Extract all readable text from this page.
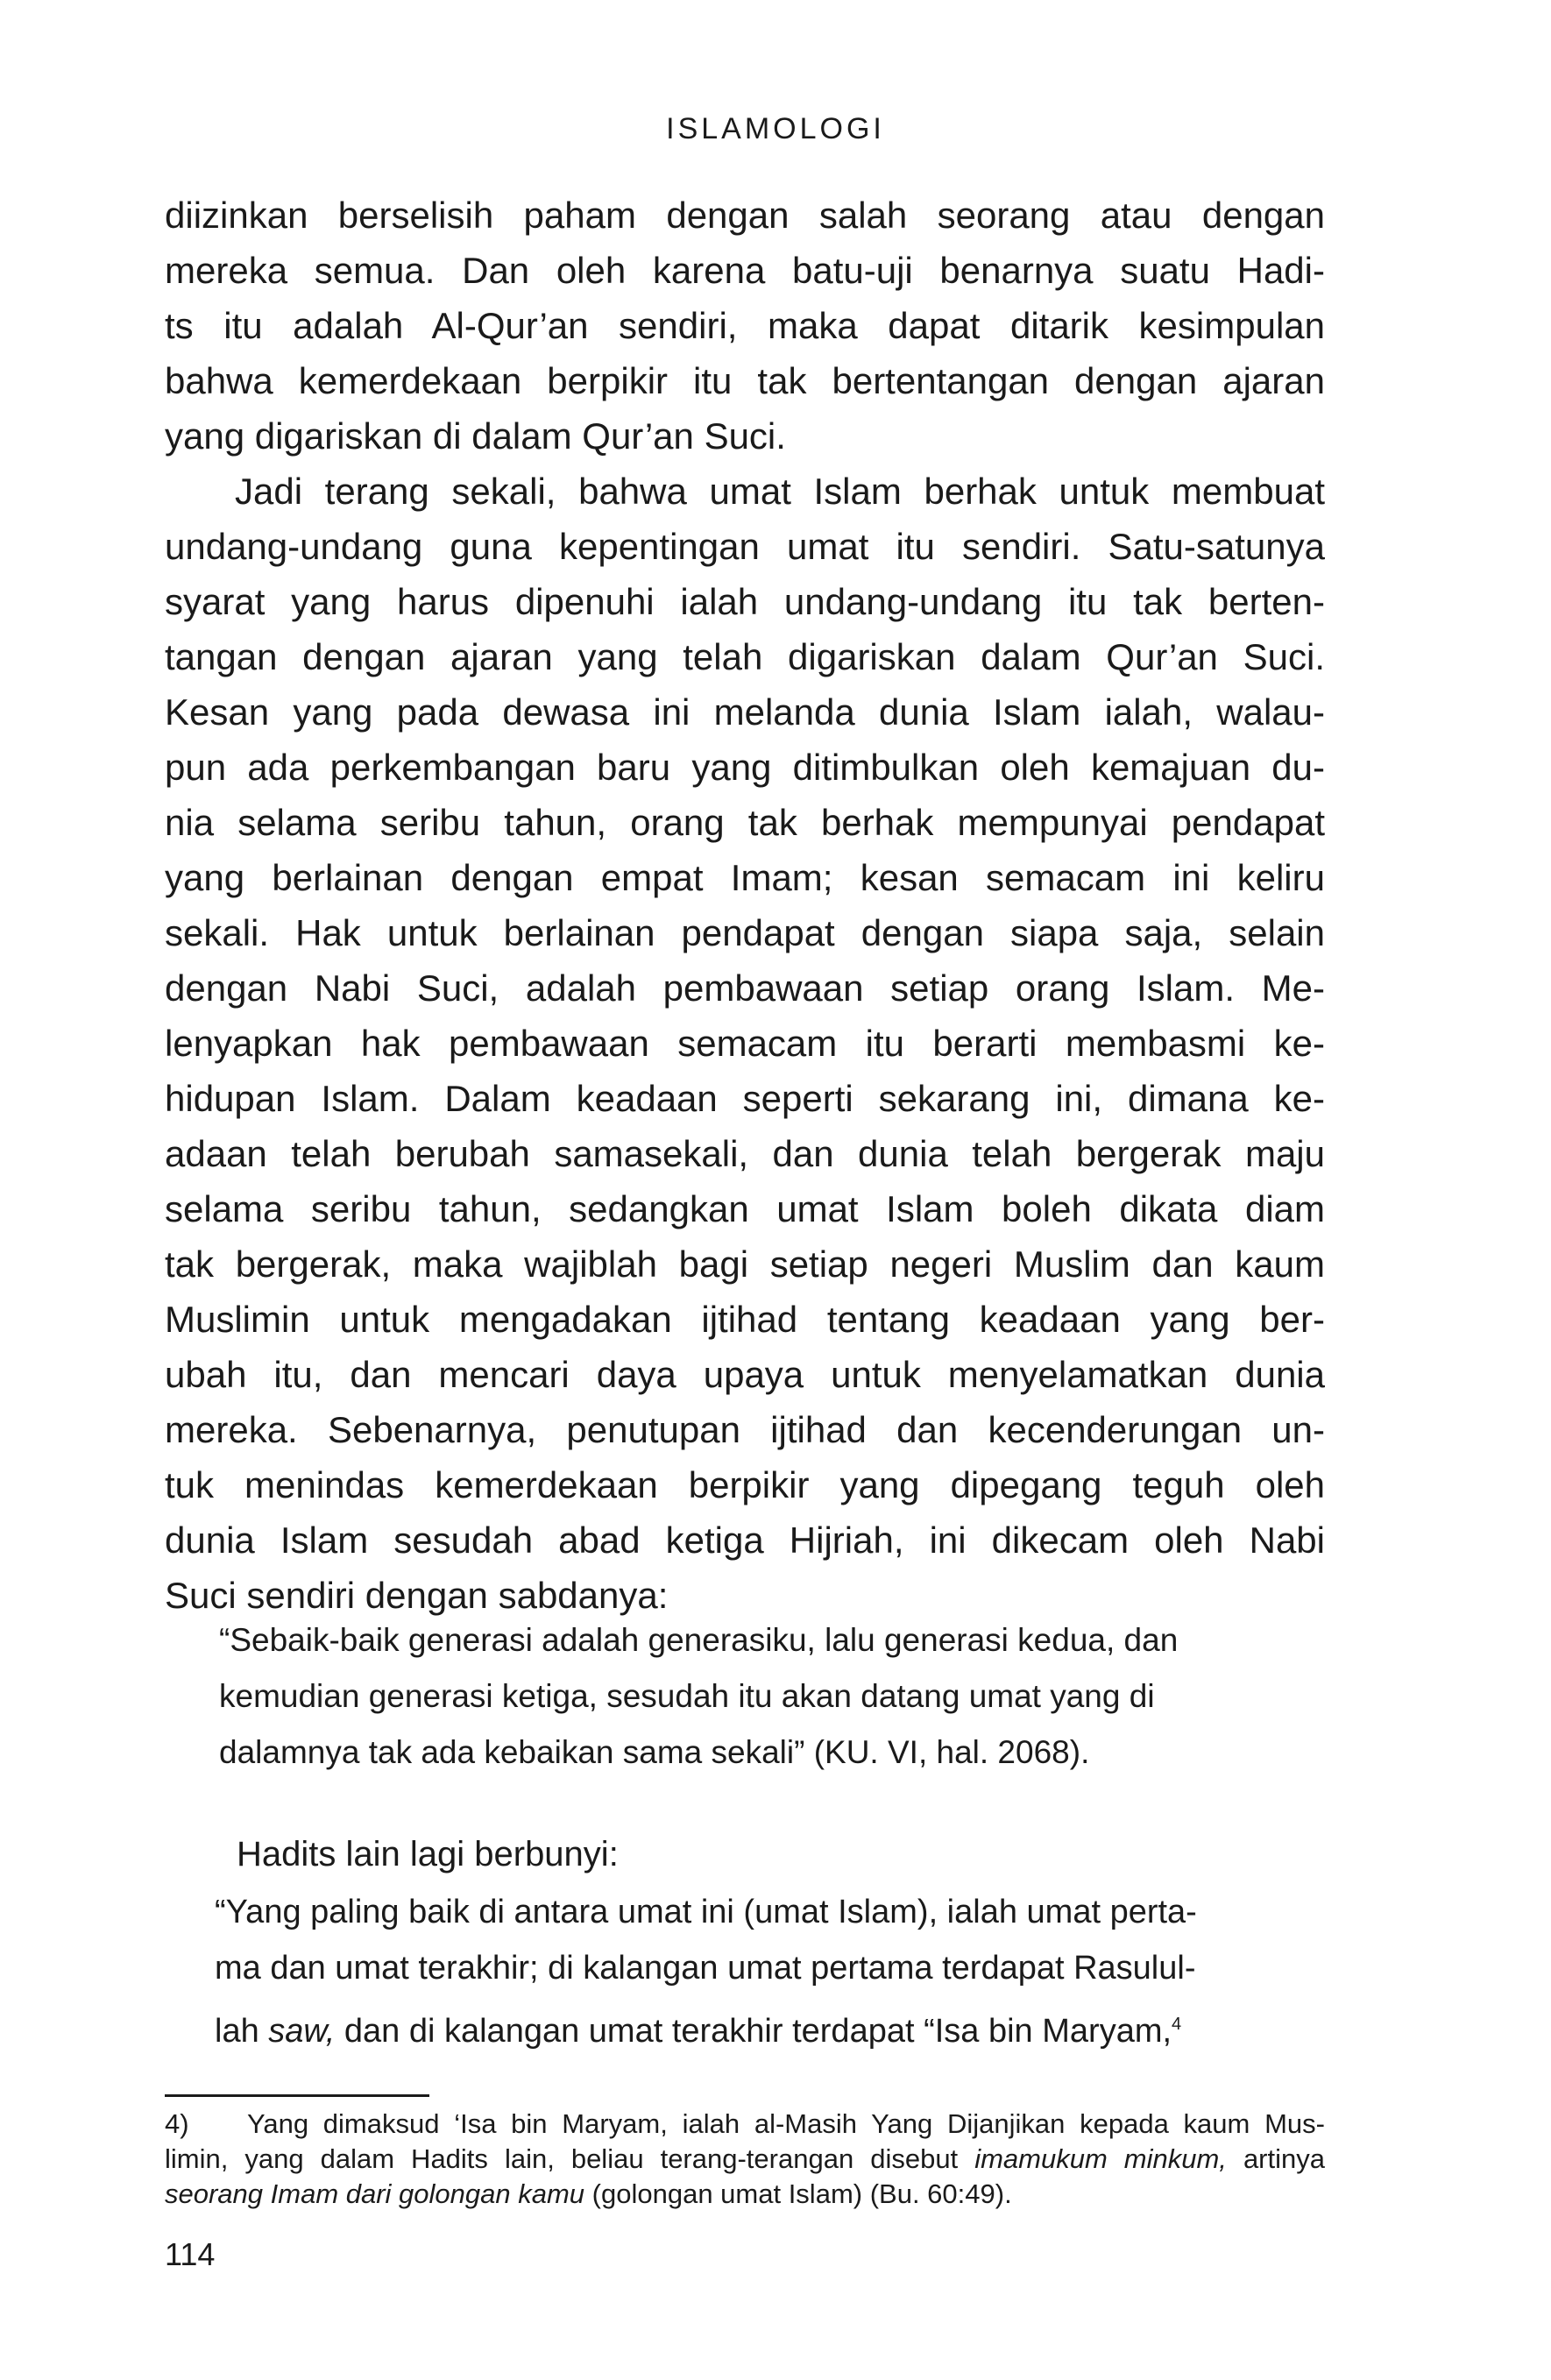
ISLAMOLOGI

diizinkan berselisih paham dengan salah seorang atau dengan
mereka semua. Dan oleh karena batu-uji benarnya suatu Hadi-
ts itu adalah Al-Qur’an sendiri, maka dapat ditarik kesimpulan
bahwa kemerdekaan berpikir itu tak bertentangan dengan ajaran
yang digariskan di dalam Qur’an Suci.

Jadi terang sekali, bahwa umat Islam berhak untuk membuat
undang-undang guna kepentingan umat itu sendiri. Satu-satunya
syarat yang harus dipenuhi ialah undang-undang itu tak berten-
tangan dengan ajaran yang telah digariskan dalam Qur’an Suci.
Kesan yang pada dewasa ini melanda dunia Islam ialah, walau-
pun ada perkembangan baru yang ditimbulkan oleh kemajuan du-
nia selama seribu tahun, orang tak berhak mempunyai pendapat
yang berlainan dengan empat Imam; kesan semacam ini keliru
sekali. Hak untuk berlainan pendapat dengan siapa saja, selain
dengan Nabi Suci, adalah pembawaan setiap orang Islam. Me-
lenyapkan hak pembawaan semacam itu berarti membasmi ke-
hidupan Islam. Dalam keadaan seperti sekarang ini, dimana ke-
adaan telah berubah samasekali, dan dunia telah bergerak maju
selama seribu tahun, sedangkan umat Islam boleh dikata diam
tak bergerak, maka wajiblah bagi setiap negeri Muslim dan kaum
Muslimin untuk mengadakan ijtihad tentang keadaan yang ber-
ubah itu, dan mencari daya upaya untuk menyelamatkan dunia
mereka. Sebenarnya, penutupan ijtihad dan kecenderungan un-
tuk menindas kemerdekaan berpikir yang dipegang teguh oleh
dunia Islam sesudah abad ketiga Hijriah, ini dikecam oleh Nabi
Suci sendiri dengan sabdanya:

“Sebaik-baik generasi adalah generasiku, lalu generasi kedua, dan
kemudian generasi ketiga, sesudah itu akan datang umat yang di
dalamnya tak ada kebaikan sama sekali” (KU. VI, hal. 2068).
Hadits lain lagi berbunyi:
“Yang paling baik di antara umat ini (umat Islam), ialah umat perta-
ma dan umat terakhir; di kalangan umat pertama terdapat Rasulul-
lah saw, dan di kalangan umat terakhir terdapat “Isa bin Maryam,$^4$
4)    Yang dimaksud ‘Isa bin Maryam, ialah al-Masih Yang Dijanjikan kepada kaum Mus-
limin, yang dalam Hadits lain, beliau terang-terangan disebut imamukum minkum, artinya
seorang Imam dari golongan kamu (golongan umat Islam) (Bu. 60:49).
114
